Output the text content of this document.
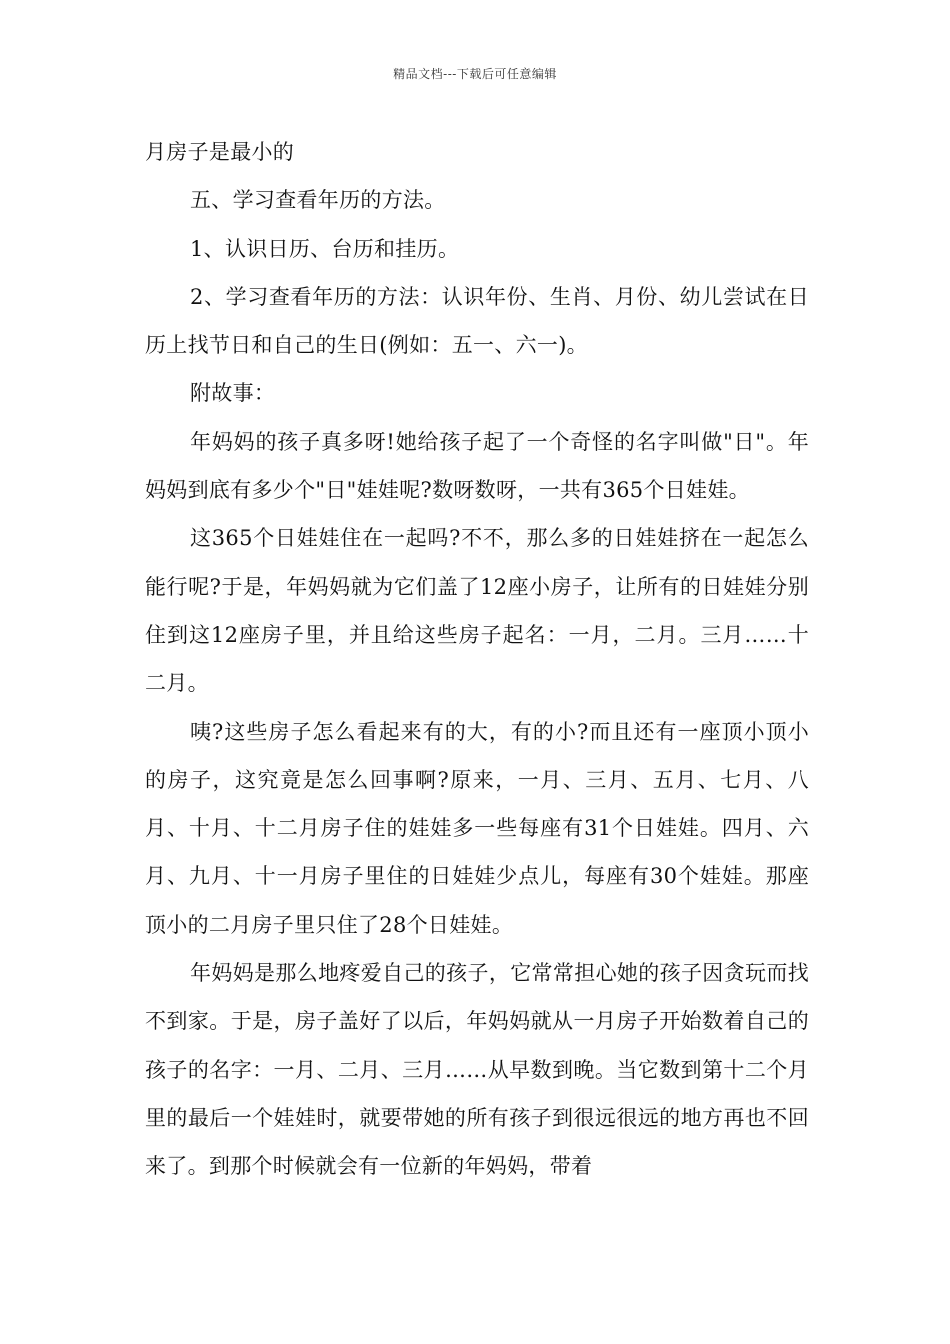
精品文档---下载后可任意编辑

月房子是最小的

五、学习查看年历的方法。

1、认识日历、台历和挂历。

2、学习查看年历的方法：认识年份、生肖、月份、幼儿尝试在日历上找节日和自己的生日(例如：五一、六一)。

附故事：

年妈妈的孩子真多呀!她给孩子起了一个奇怪的名字叫做"日"。年妈妈到底有多少个"日"娃娃呢?数呀数呀，一共有365个日娃娃。

这365个日娃娃住在一起吗?不不，那么多的日娃娃挤在一起怎么能行呢?于是，年妈妈就为它们盖了12座小房子，让所有的日娃娃分别住到这12座房子里，并且给这些房子起名：一月，二月。三月……十二月。

咦?这些房子怎么看起来有的大，有的小?而且还有一座顶小顶小的房子，这究竟是怎么回事啊?原来，一月、三月、五月、七月、八月、十月、十二月房子住的娃娃多一些每座有31个日娃娃。四月、六月、九月、十一月房子里住的日娃娃少点儿，每座有30个娃娃。那座顶小的二月房子里只住了28个日娃娃。

年妈妈是那么地疼爱自己的孩子，它常常担心她的孩子因贪玩而找不到家。于是，房子盖好了以后，年妈妈就从一月房子开始数着自己的孩子的名字：一月、二月、三月……从早数到晚。当它数到第十二个月里的最后一个娃娃时，就要带她的所有孩子到很远很远的地方再也不回来了。到那个时候就会有一位新的年妈妈，带着
